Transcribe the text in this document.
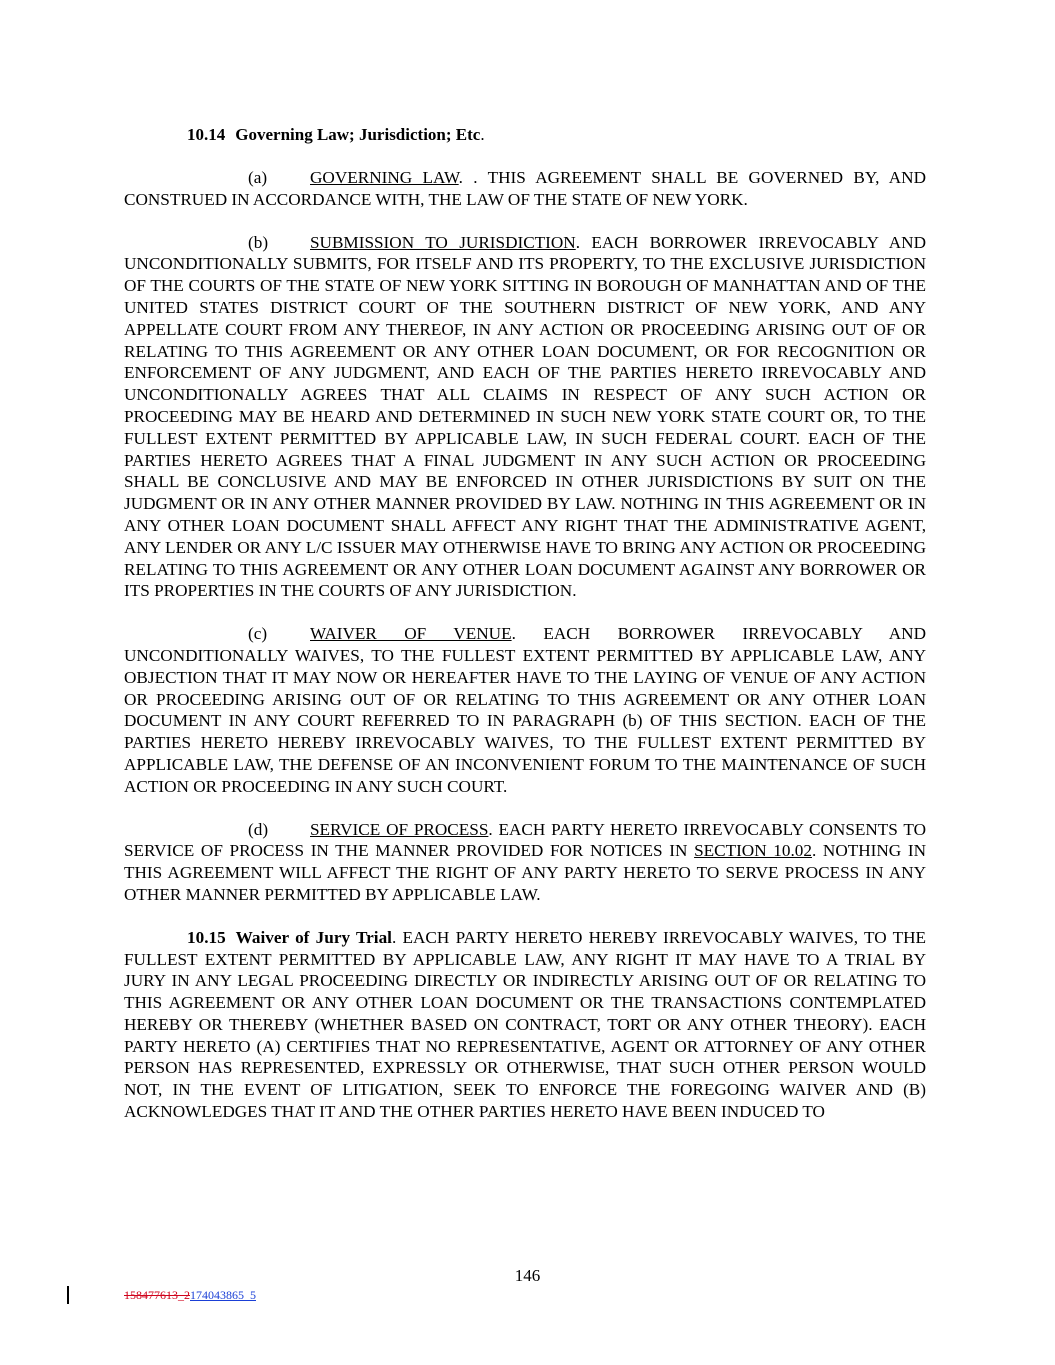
10.14 Governing Law; Jurisdiction; Etc.

(a) GOVERNING LAW. . THIS AGREEMENT SHALL BE GOVERNED BY, AND CONSTRUED IN ACCORDANCE WITH, THE LAW OF THE STATE OF NEW YORK.

(b) SUBMISSION TO JURISDICTION. EACH BORROWER IRREVOCABLY AND UNCONDITIONALLY SUBMITS, FOR ITSELF AND ITS PROPERTY, TO THE EXCLUSIVE JURISDICTION OF THE COURTS OF THE STATE OF NEW YORK SITTING IN BOROUGH OF MANHATTAN AND OF THE UNITED STATES DISTRICT COURT OF THE SOUTHERN DISTRICT OF NEW YORK, AND ANY APPELLATE COURT FROM ANY THEREOF, IN ANY ACTION OR PROCEEDING ARISING OUT OF OR RELATING TO THIS AGREEMENT OR ANY OTHER LOAN DOCUMENT, OR FOR RECOGNITION OR ENFORCEMENT OF ANY JUDGMENT, AND EACH OF THE PARTIES HERETO IRREVOCABLY AND UNCONDITIONALLY AGREES THAT ALL CLAIMS IN RESPECT OF ANY SUCH ACTION OR PROCEEDING MAY BE HEARD AND DETERMINED IN SUCH NEW YORK STATE COURT OR, TO THE FULLEST EXTENT PERMITTED BY APPLICABLE LAW, IN SUCH FEDERAL COURT. EACH OF THE PARTIES HERETO AGREES THAT A FINAL JUDGMENT IN ANY SUCH ACTION OR PROCEEDING SHALL BE CONCLUSIVE AND MAY BE ENFORCED IN OTHER JURISDICTIONS BY SUIT ON THE JUDGMENT OR IN ANY OTHER MANNER PROVIDED BY LAW. NOTHING IN THIS AGREEMENT OR IN ANY OTHER LOAN DOCUMENT SHALL AFFECT ANY RIGHT THAT THE ADMINISTRATIVE AGENT, ANY LENDER OR ANY L/C ISSUER MAY OTHERWISE HAVE TO BRING ANY ACTION OR PROCEEDING RELATING TO THIS AGREEMENT OR ANY OTHER LOAN DOCUMENT AGAINST ANY BORROWER OR ITS PROPERTIES IN THE COURTS OF ANY JURISDICTION.

(c) WAIVER OF VENUE. EACH BORROWER IRREVOCABLY AND UNCONDITIONALLY WAIVES, TO THE FULLEST EXTENT PERMITTED BY APPLICABLE LAW, ANY OBJECTION THAT IT MAY NOW OR HEREAFTER HAVE TO THE LAYING OF VENUE OF ANY ACTION OR PROCEEDING ARISING OUT OF OR RELATING TO THIS AGREEMENT OR ANY OTHER LOAN DOCUMENT IN ANY COURT REFERRED TO IN PARAGRAPH (b) OF THIS SECTION. EACH OF THE PARTIES HERETO HEREBY IRREVOCABLY WAIVES, TO THE FULLEST EXTENT PERMITTED BY APPLICABLE LAW, THE DEFENSE OF AN INCONVENIENT FORUM TO THE MAINTENANCE OF SUCH ACTION OR PROCEEDING IN ANY SUCH COURT.

(d) SERVICE OF PROCESS. EACH PARTY HERETO IRREVOCABLY CONSENTS TO SERVICE OF PROCESS IN THE MANNER PROVIDED FOR NOTICES IN SECTION 10.02. NOTHING IN THIS AGREEMENT WILL AFFECT THE RIGHT OF ANY PARTY HERETO TO SERVE PROCESS IN ANY OTHER MANNER PERMITTED BY APPLICABLE LAW.

10.15 Waiver of Jury Trial. EACH PARTY HERETO HEREBY IRREVOCABLY WAIVES, TO THE FULLEST EXTENT PERMITTED BY APPLICABLE LAW, ANY RIGHT IT MAY HAVE TO A TRIAL BY JURY IN ANY LEGAL PROCEEDING DIRECTLY OR INDIRECTLY ARISING OUT OF OR RELATING TO THIS AGREEMENT OR ANY OTHER LOAN DOCUMENT OR THE TRANSACTIONS CONTEMPLATED HEREBY OR THEREBY (WHETHER BASED ON CONTRACT, TORT OR ANY OTHER THEORY). EACH PARTY HERETO (A) CERTIFIES THAT NO REPRESENTATIVE, AGENT OR ATTORNEY OF ANY OTHER PERSON HAS REPRESENTED, EXPRESSLY OR OTHERWISE, THAT SUCH OTHER PERSON WOULD NOT, IN THE EVENT OF LITIGATION, SEEK TO ENFORCE THE FOREGOING WAIVER AND (B) ACKNOWLEDGES THAT IT AND THE OTHER PARTIES HERETO HAVE BEEN INDUCED TO

146
158477613_2174043865_5
